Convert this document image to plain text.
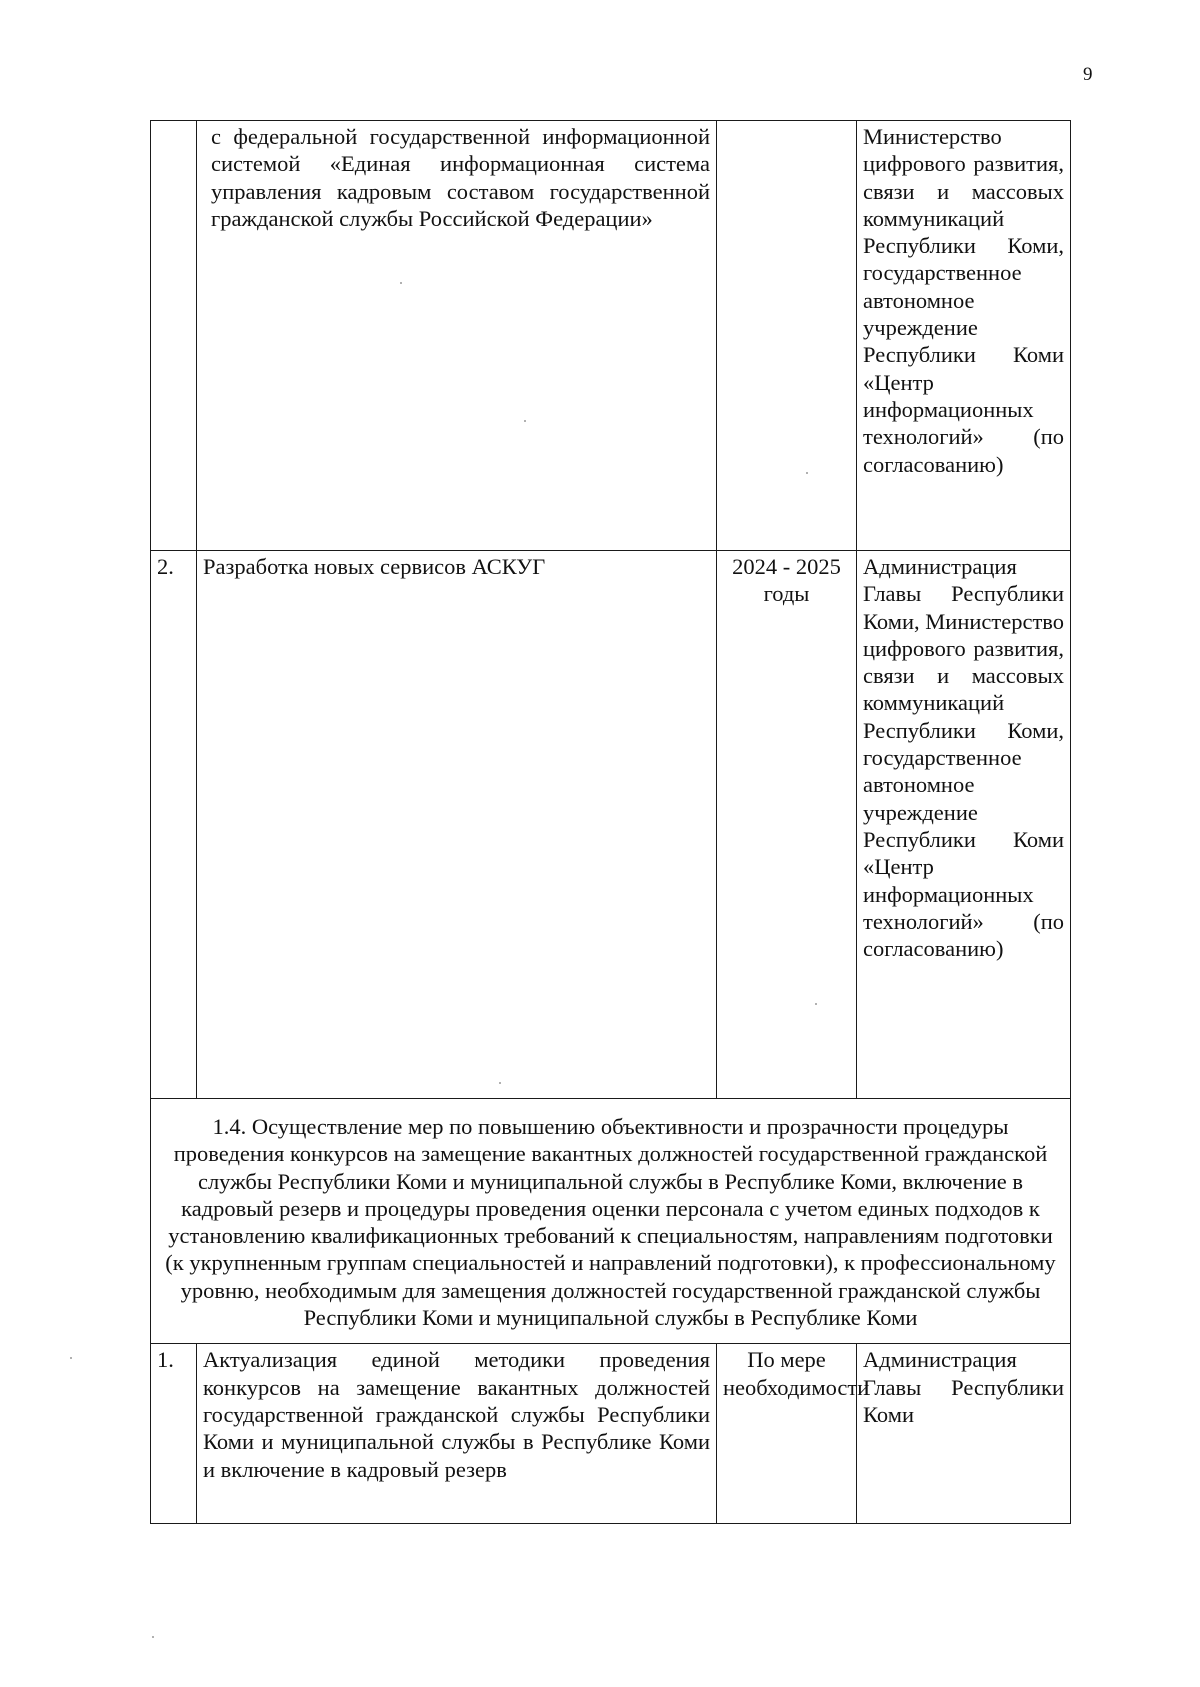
9
	с федеральной государственной информационной системой «Единая информационная система управления кадровым составом государственной гражданской службы Российской Федерации»		Министерство цифрового развития, связи и массовых коммуникаций Республики Коми, государственное автономное учреждение Республики Коми «Центр информационных технологий» (по согласованию)
2.	Разработка новых сервисов АСКУГ	2024 - 2025 годы	Администрация Главы Республики Коми, Министерство цифрового развития, связи и массовых коммуникаций Республики Коми, государственное автономное учреждение Республики Коми «Центр информационных технологий» (по согласованию)
1.4. Осуществление мер по повышению объективности и прозрачности процедуры проведения конкурсов на замещение вакантных должностей государственной гражданской службы Республики Коми и муниципальной службы в Республике Коми, включение в кадровый резерв и процедуры проведения оценки персонала с учетом единых подходов к установлению квалификационных требований к специальностям, направлениям подготовки (к укрупненным группам специальностей и направлений подготовки), к профессиональному уровню, необходимым для замещения должностей государственной гражданской службы Республики Коми и муниципальной службы в Республике Коми			
1.	Актуализация единой методики проведения конкурсов на замещение вакантных должностей государственной гражданской службы Республики Коми и муниципальной службы в Республике Коми и включение в кадровый резерв	По мере необходимости	Администрация Главы Республики Коми
